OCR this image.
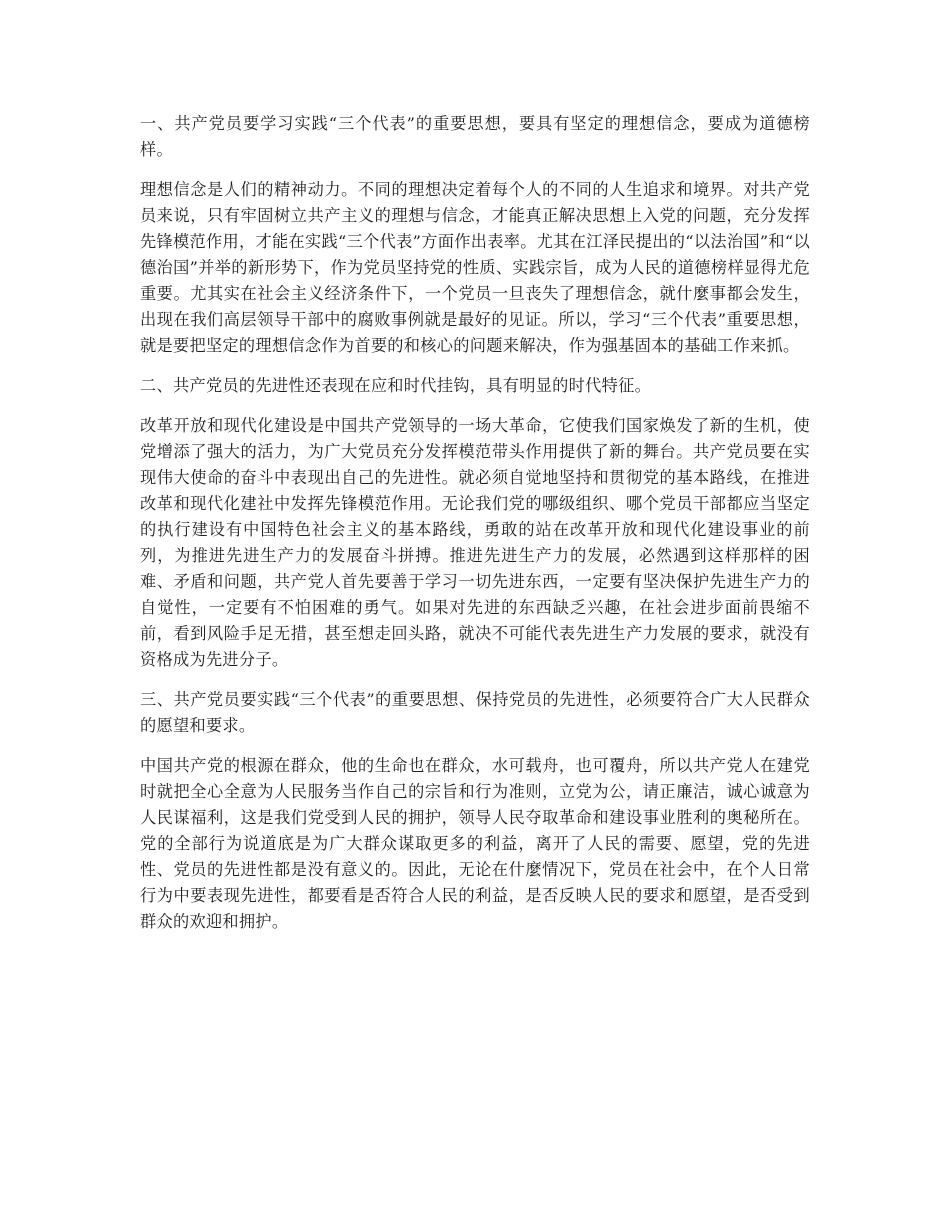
一、共产党员要学习实践“三个代表”的重要思想，要具有坚定的理想信念，要成为道德榜样。

理想信念是人们的精神动力。不同的理想决定着每个人的不同的人生追求和境界。对共产党员来说，只有牢固树立共产主义的理想与信念，才能真正解决思想上入党的问题，充分发挥先锋模范作用，才能在实践“三个代表”方面作出表率。尤其在江泽民提出的“以法治国”和“以德治国”并举的新形势下，作为党员坚持党的性质、实践宗旨，成为人民的道德榜样显得尤危重要。尤其实在社会主义经济条件下，一个党员一旦丧失了理想信念，就什麼事都会发生，出现在我们高层领导干部中的腐败事例就是最好的见证。所以，学习“三个代表”重要思想，就是要把坚定的理想信念作为首要的和核心的问题来解决，作为强基固本的基础工作来抓。

二、共产党员的先进性还表现在应和时代挂钩，具有明显的时代特征。

改革开放和现代化建设是中国共产党领导的一场大革命，它使我们国家焕发了新的生机，使党增添了强大的活力，为广大党员充分发挥模范带头作用提供了新的舞台。共产党员要在实现伟大使命的奋斗中表现出自己的先进性。就必须自觉地坚持和贯彻党的基本路线，在推进改革和现代化建社中发挥先锋模范作用。无论我们党的哪级组织、哪个党员干部都应当坚定的执行建设有中国特色社会主义的基本路线，勇敢的站在改革开放和现代化建设事业的前列，为推进先进生产力的发展奋斗拼搏。推进先进生产力的发展，必然遇到这样那样的困难、矛盾和问题，共产党人首先要善于学习一切先进东西，一定要有坚决保护先进生产力的自觉性，一定要有不怕困难的勇气。如果对先进的东西缺乏兴趣，在社会进步面前畏缩不前，看到风险手足无措，甚至想走回头路，就决不可能代表先进生产力发展的要求，就没有资格成为先进分子。

三、共产党员要实践“三个代表”的重要思想、保持党员的先进性，必须要符合广大人民群众的愿望和要求。

中国共产党的根源在群众，他的生命也在群众，水可载舟，也可覆舟，所以共产党人在建党时就把全心全意为人民服务当作自己的宗旨和行为准则，立党为公，请正廉洁，诚心诚意为人民谋福利，这是我们党受到人民的拥护，领导人民夺取革命和建设事业胜利的奥秘所在。党的全部行为说道底是为广大群众谋取更多的利益，离开了人民的需要、愿望，党的先进性、党员的先进性都是没有意义的。因此，无论在什麼情况下，党员在社会中，在个人日常行为中要表现先进性，都要看是否符合人民的利益，是否反映人民的要求和愿望，是否受到群众的欢迎和拥护。
